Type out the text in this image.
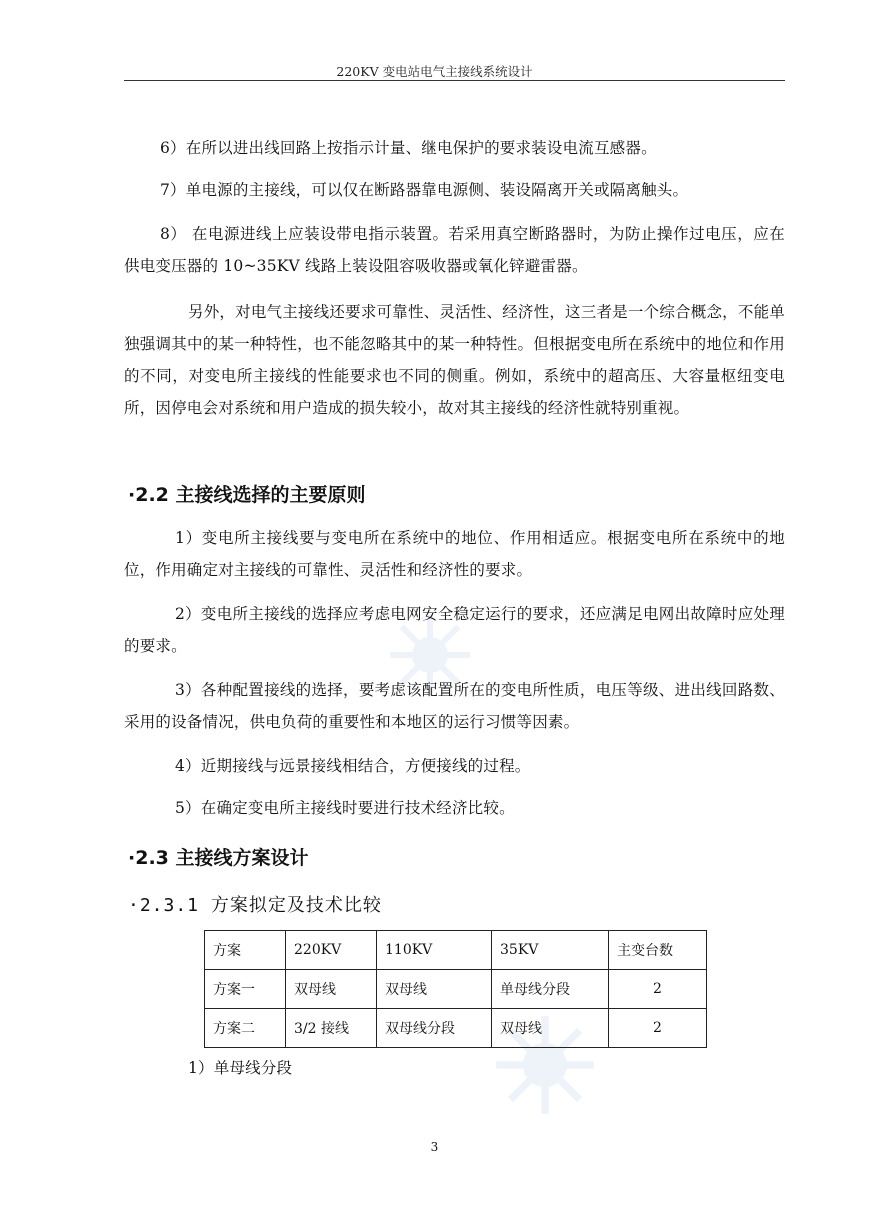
220KV 变电站电气主接线系统设计

6）在所以进出线回路上按指示计量、继电保护的要求装设电流互感器。

7）单电源的主接线，可以仅在断路器靠电源侧、装设隔离开关或隔离触头。

8） 在电源进线上应装设带电指示装置。若采用真空断路器时，为防止操作过电压，应在供电变压器的 10~35KV 线路上装设阻容吸收器或氧化锌避雷器。

另外，对电气主接线还要求可靠性、灵活性、经济性，这三者是一个综合概念，不能单独强调其中的某一种特性，也不能忽略其中的某一种特性。但根据变电所在系统中的地位和作用的不同，对变电所主接线的性能要求也不同的侧重。例如，系统中的超高压、大容量枢纽变电所，因停电会对系统和用户造成的损失较小，故对其主接线的经济性就特别重视。

·2.2 主接线选择的主要原则

1）变电所主接线要与变电所在系统中的地位、作用相适应。根据变电所在系统中的地位，作用确定对主接线的可靠性、灵活性和经济性的要求。

2）变电所主接线的选择应考虑电网安全稳定运行的要求，还应满足电网出故障时应处理的要求。

3）各种配置接线的选择，要考虑该配置所在的变电所性质，电压等级、进出线回路数、采用的设备情况，供电负荷的重要性和本地区的运行习惯等因素。

4）近期接线与远景接线相结合，方便接线的过程。

5）在确定变电所主接线时要进行技术经济比较。

·2.3 主接线方案设计
·2.3.1 方案拟定及技术比较
方案	220KV	110KV	35KV	主变台数
方案一	双母线	双母线	单母线分段	2
方案二	3/2 接线	双母线分段	双母线	2

1）单母线分段

3
